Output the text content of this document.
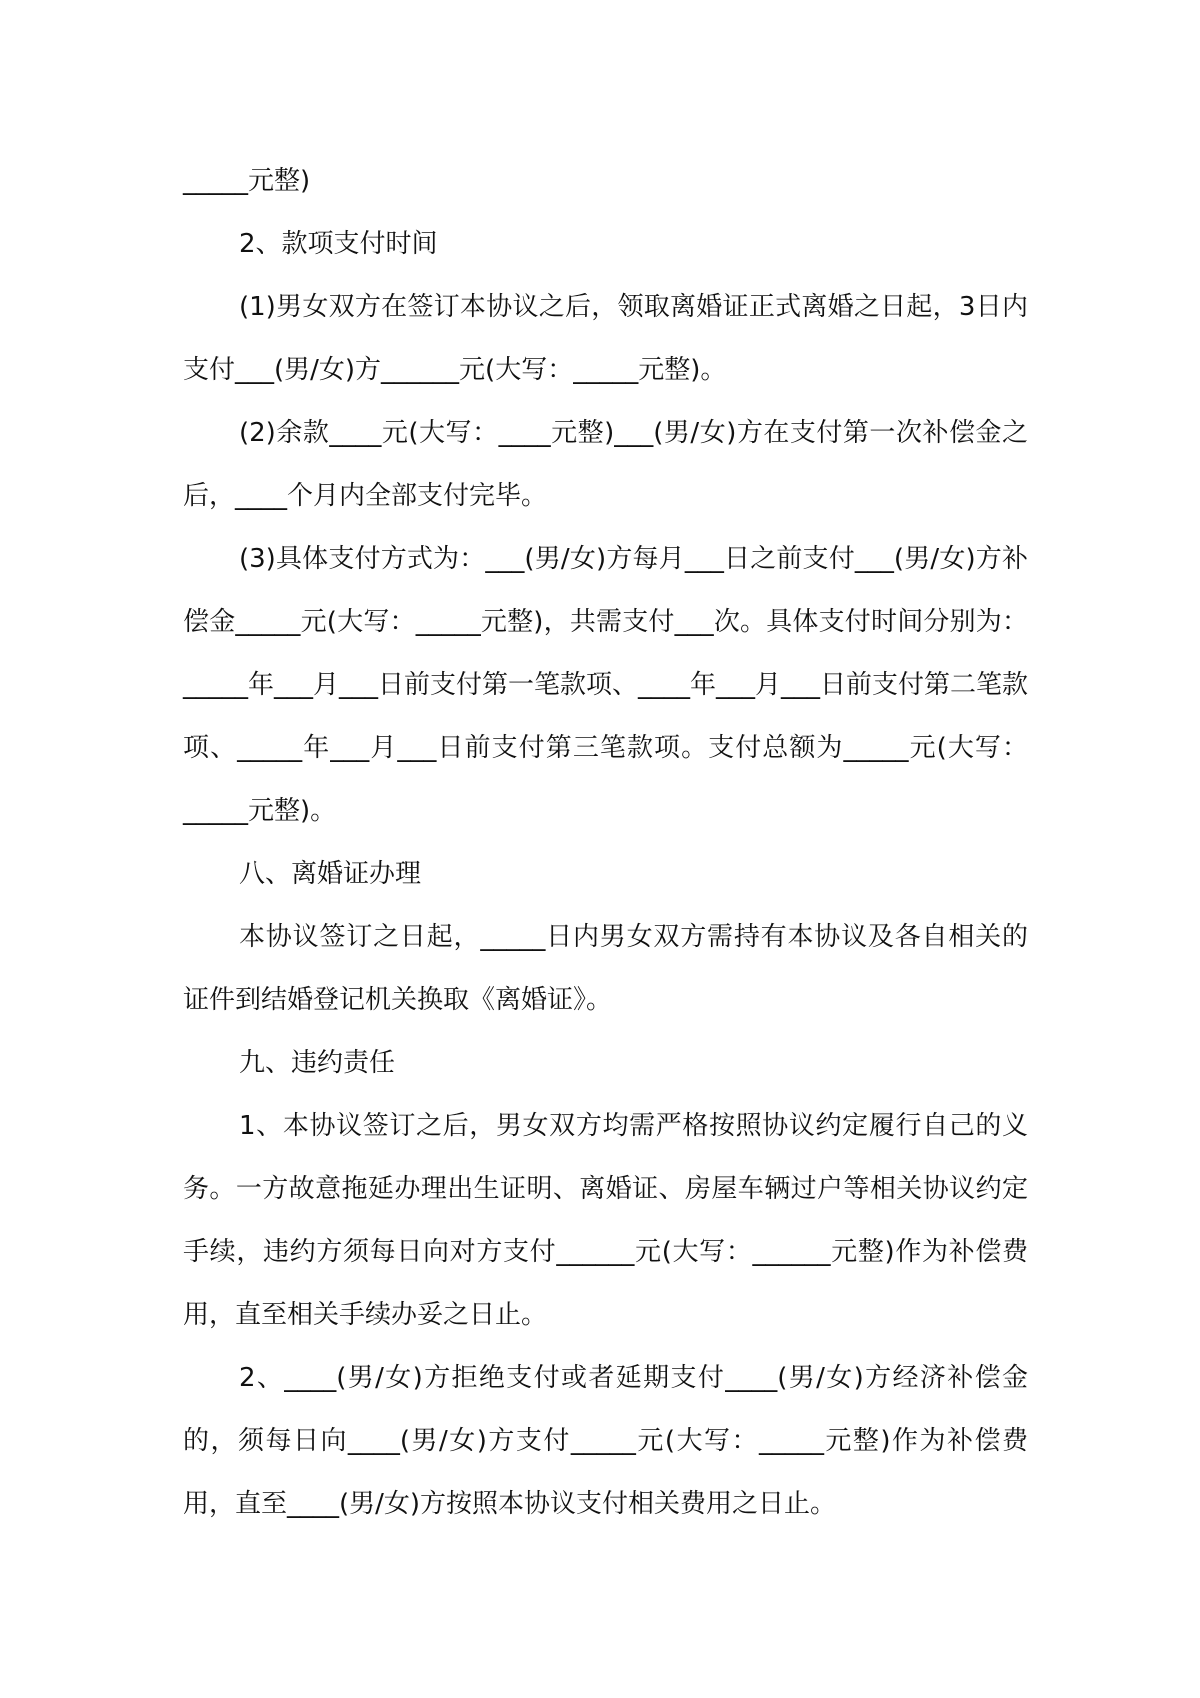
_____元整)

2、款项支付时间

(1)男女双方在签订本协议之后，领取离婚证正式离婚之日起，3日内支付___(男/女)方______元(大写：_____元整)。

(2)余款____元(大写：____元整)___(男/女)方在支付第一次补偿金之后，____个月内全部支付完毕。

(3)具体支付方式为：___(男/女)方每月___日之前支付___(男/女)方补偿金_____元(大写：_____元整)，共需支付___次。具体支付时间分别为：_____年___月___日前支付第一笔款项、____年___月___日前支付第二笔款项、_____年___月___日前支付第三笔款项。支付总额为_____元(大写：_____元整)。

八、离婚证办理

本协议签订之日起，_____日内男女双方需持有本协议及各自相关的证件到结婚登记机关换取《离婚证》。

九、违约责任

1、本协议签订之后，男女双方均需严格按照协议约定履行自己的义务。一方故意拖延办理出生证明、离婚证、房屋车辆过户等相关协议约定手续，违约方须每日向对方支付______元(大写：______元整)作为补偿费用，直至相关手续办妥之日止。

2、____(男/女)方拒绝支付或者延期支付____(男/女)方经济补偿金的，须每日向____(男/女)方支付_____元(大写：_____元整)作为补偿费用，直至____(男/女)方按照本协议支付相关费用之日止。
